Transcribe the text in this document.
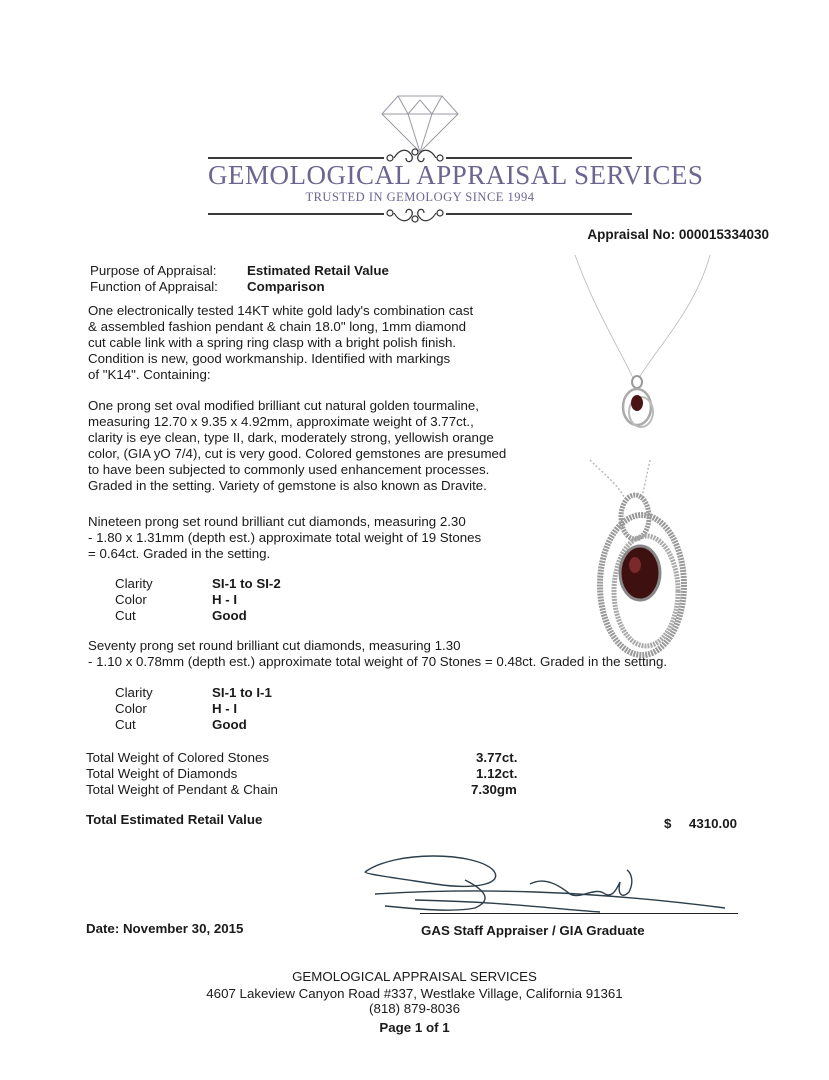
GEMOLOGICAL APPRAISAL SERVICES
TRUSTED IN GEMOLOGY SINCE 1994
Appraisal No: 000015334030
Purpose of Appraisal: Estimated Retail Value
Function of Appraisal: Comparison
One electronically tested 14KT white gold lady's combination cast
& assembled fashion pendant & chain 18.0" long, 1mm diamond
cut cable link with a spring ring clasp with a bright polish finish.
Condition is new, good workmanship. Identified with markings
of "K14". Containing:
One prong set oval modified brilliant cut natural golden tourmaline,
measuring 12.70 x 9.35 x 4.92mm, approximate weight of 3.77ct.,
clarity is eye clean, type II, dark, moderately strong, yellowish orange
color, (GIA yO 7/4), cut is very good. Colored gemstones are presumed
to have been subjected to commonly used enhancement processes.
Graded in the setting. Variety of gemstone is also known as Dravite.
Nineteen prong set round brilliant cut diamonds, measuring 2.30
- 1.80 x 1.31mm (depth est.) approximate total weight of 19 Stones
= 0.64ct. Graded in the setting.
Clarity	SI-1 to SI-2
Color	H - I
Cut	Good
Seventy prong set round brilliant cut diamonds, measuring 1.30
- 1.10 x 0.78mm (depth est.) approximate total weight of 70 Stones = 0.48ct. Graded in the setting.
Clarity	SI-1 to I-1
Color	H - I
Cut	Good
Total Weight of Colored Stones	3.77ct.
Total Weight of Diamonds	1.12ct.
Total Weight of Pendant & Chain	7.30gm
Total Estimated Retail Value	$ 4310.00
Date: November 30, 2015	GAS Staff Appraiser / GIA Graduate
GEMOLOGICAL APPRAISAL SERVICES
4607 Lakeview Canyon Road #337, Westlake Village, California 91361
(818) 879-8036
Page 1 of 1
